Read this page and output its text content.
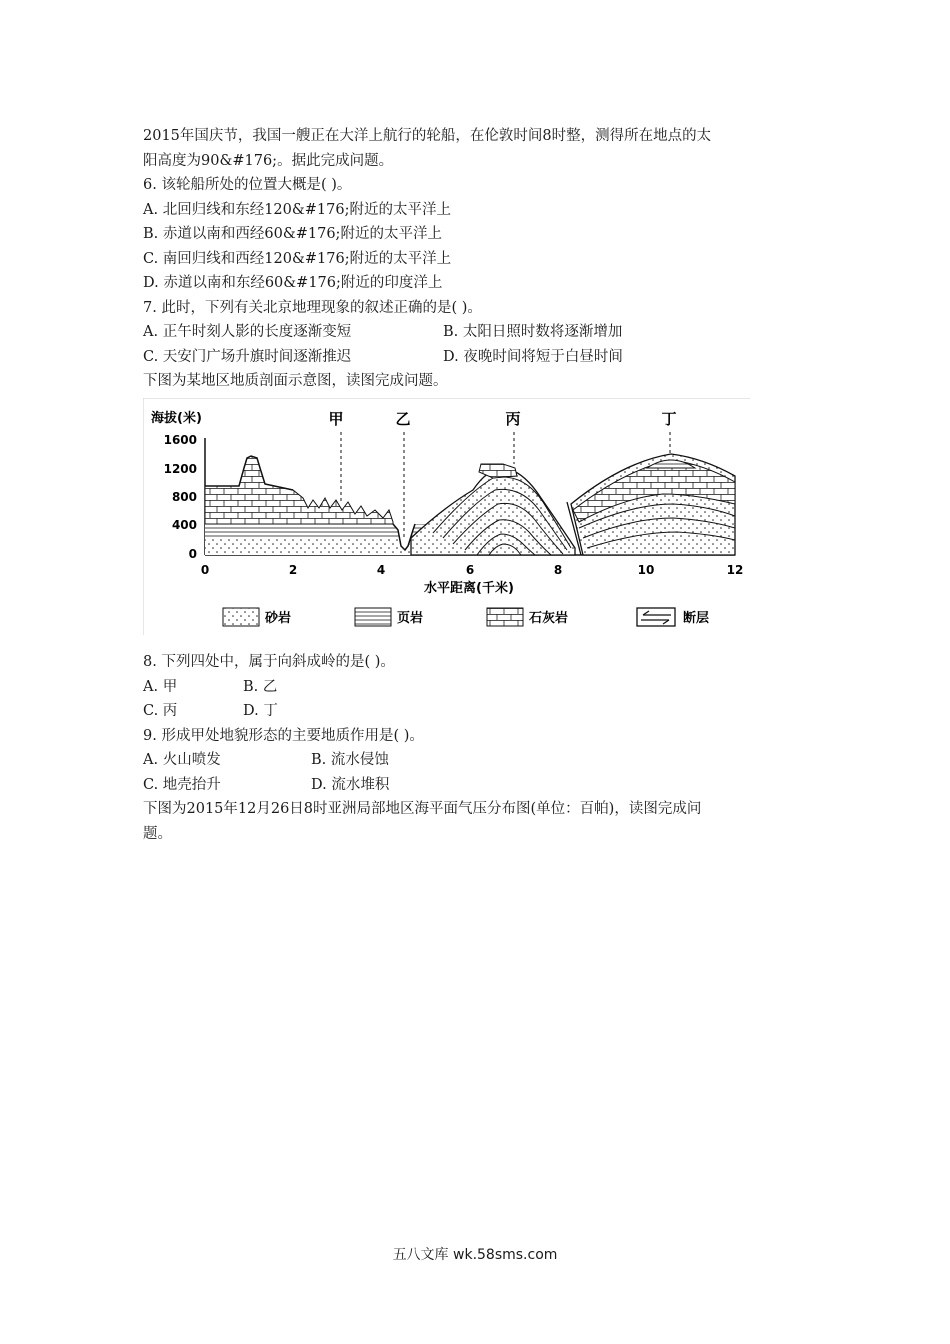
2015年国庆节，我国一艘正在大洋上航行的轮船，在伦敦时间8时整，测得所在地点的太
阳高度为90&#176;。据此完成问题。
6. 该轮船所处的位置大概是( )。
A. 北回归线和东经120&#176;附近的太平洋上
B. 赤道以南和西经60&#176;附近的太平洋上
C. 南回归线和西经120&#176;附近的太平洋上
D. 赤道以南和东经60&#176;附近的印度洋上
7. 此时，下列有关北京地理现象的叙述正确的是( )。
A. 正午时刻人影的长度逐渐变短	B. 太阳日照时数将逐渐增加
C. 天安门广场升旗时间逐渐推迟	D. 夜晚时间将短于白昼时间
下图为某地区地质剖面示意图，读图完成问题。
海拔(米)
1600
1200
800
400
0
甲	乙	丙	丁
0	2	4	6	8	10	12
水平距离(千米)
砂岩	页岩	石灰岩	断层
8. 下列四处中，属于向斜成岭的是( )。
A. 甲	B. 乙
C. 丙	D. 丁
9. 形成甲处地貌形态的主要地质作用是( )。
A. 火山喷发	B. 流水侵蚀
C. 地壳抬升	D. 流水堆积
下图为2015年12月26日8时亚洲局部地区海平面气压分布图(单位：百帕)，读图完成问
题。
五八文库 wk.58sms.com
